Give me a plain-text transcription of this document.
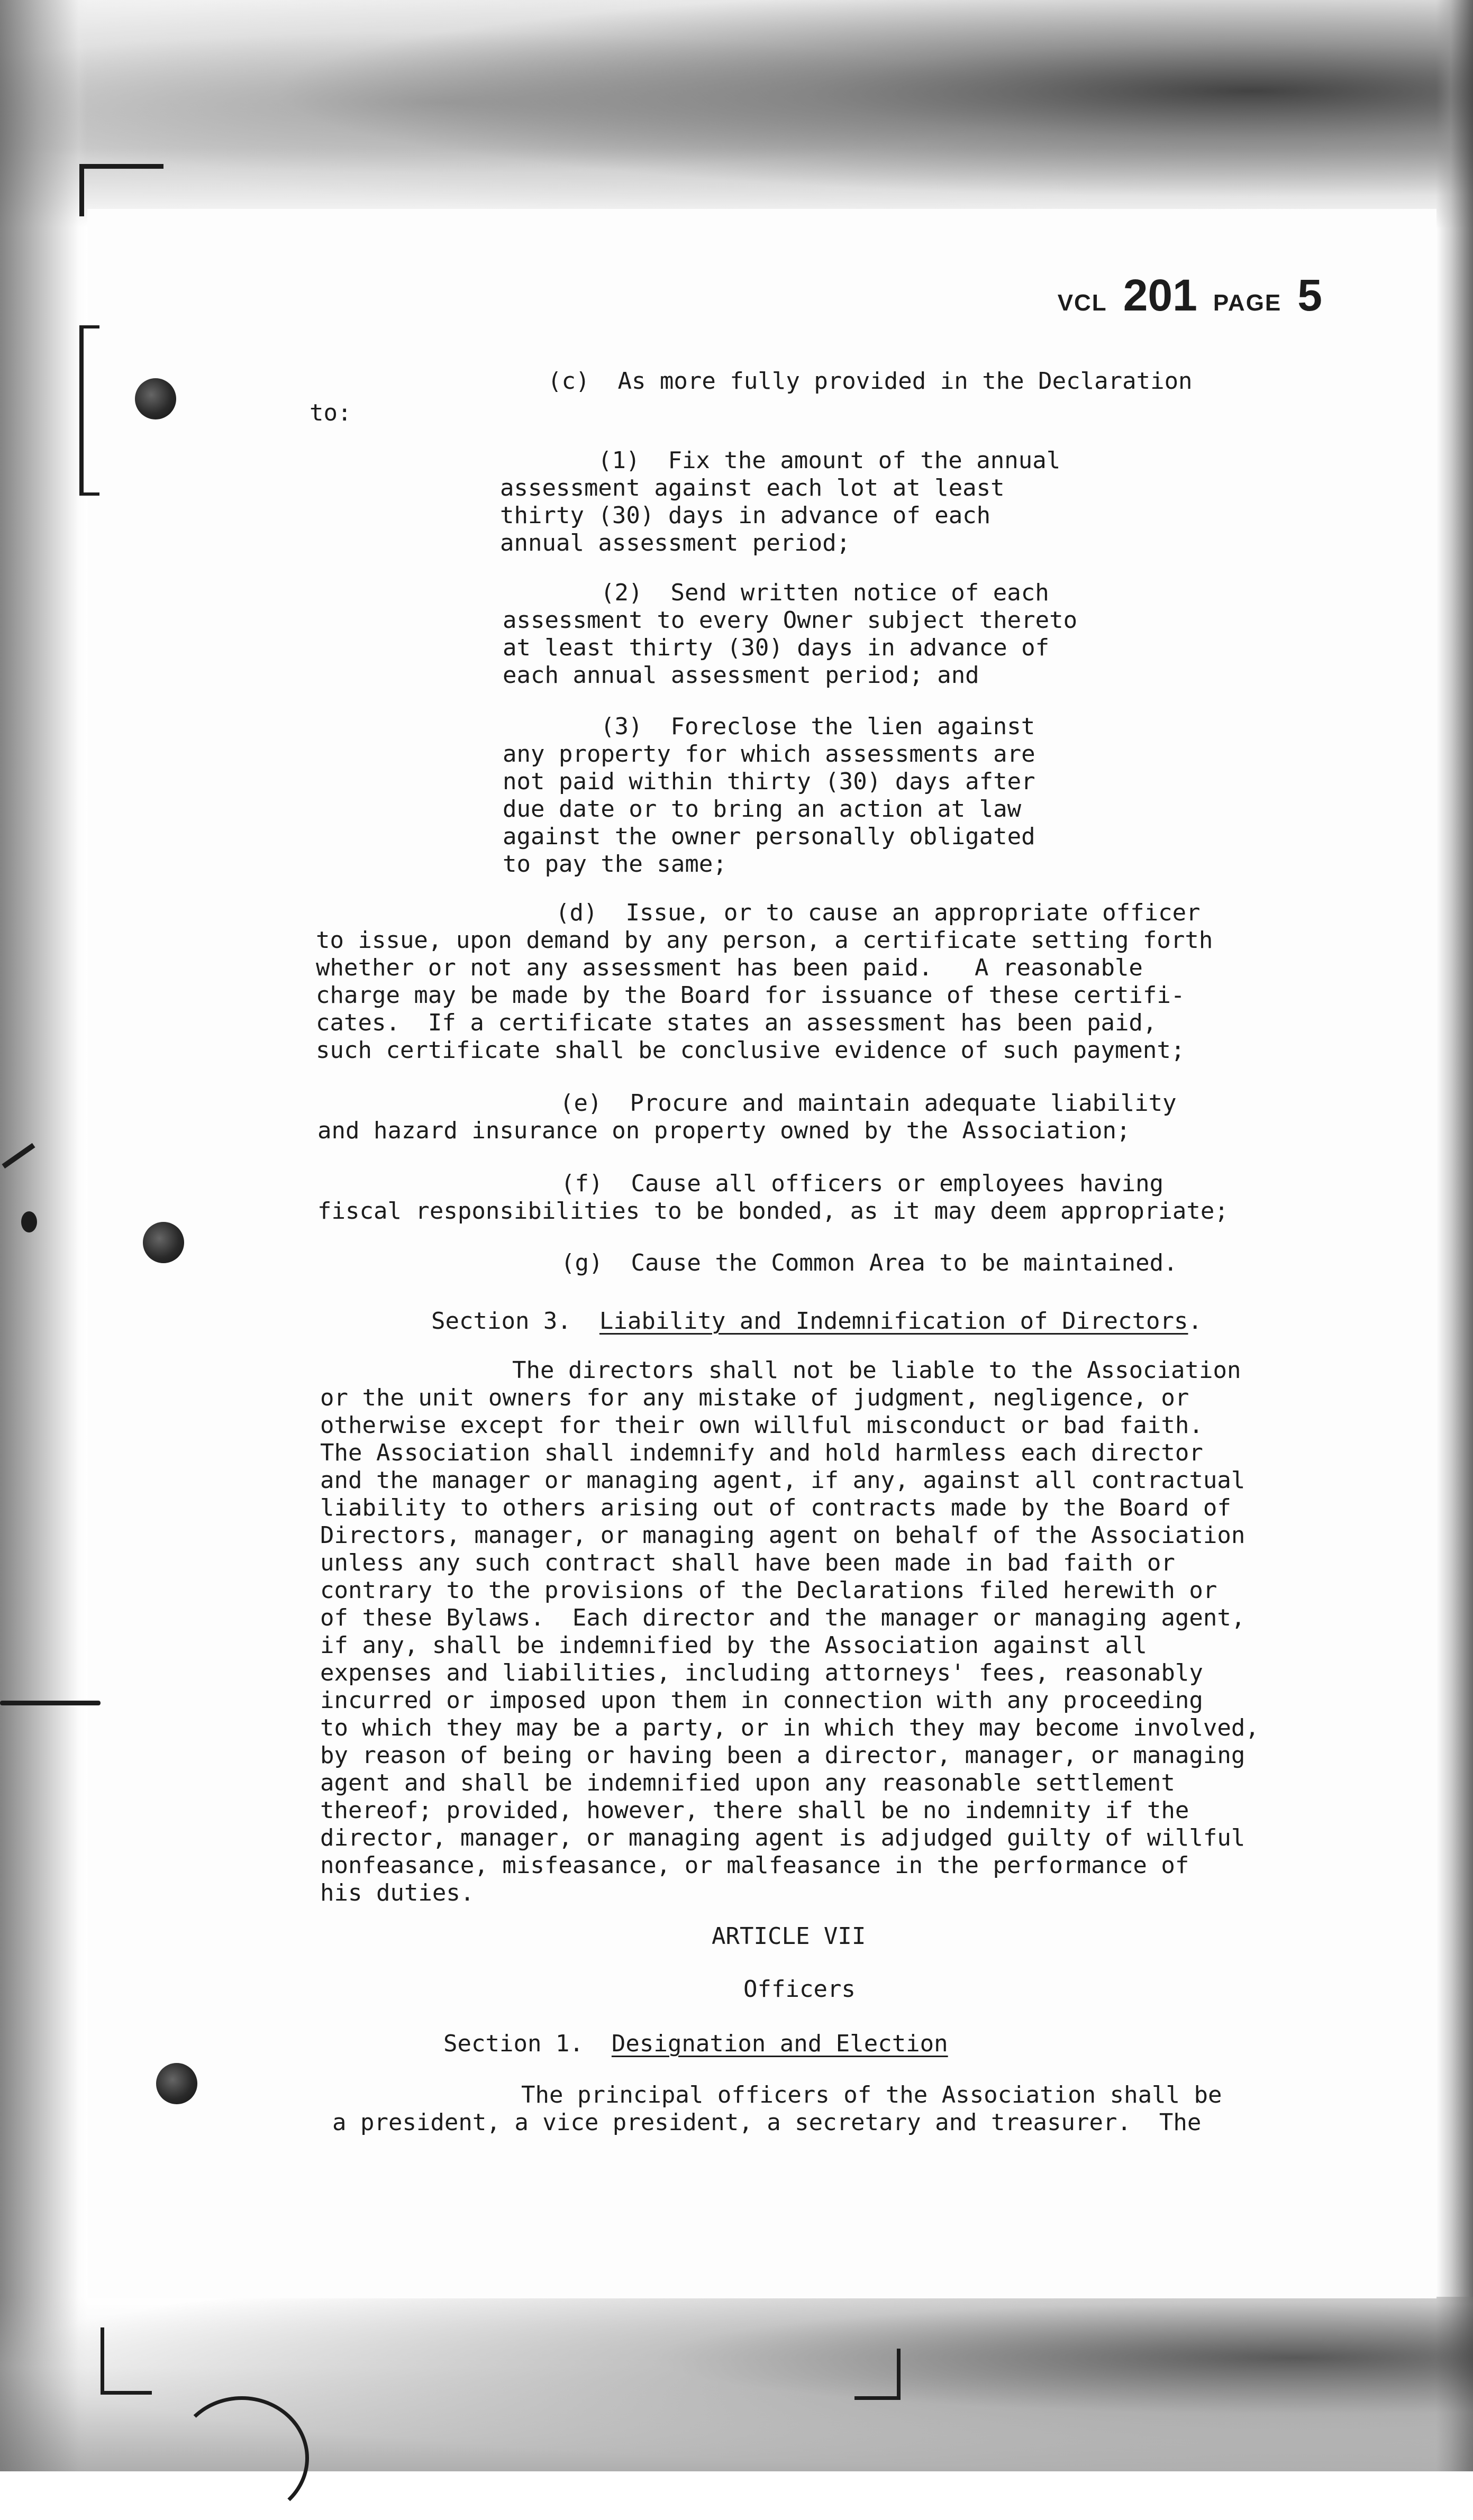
VCL 201 PAGE 5

(c)  As more fully provided in the Declaration

to:

(1)  Fix the amount of the annual

assessment against each lot at least

thirty (30) days in advance of each

annual assessment period;

(2)  Send written notice of each

assessment to every Owner subject thereto

at least thirty (30) days in advance of

each annual assessment period; and

(3)  Foreclose the lien against

any property for which assessments are

not paid within thirty (30) days after

due date or to bring an action at law

against the owner personally obligated

to pay the same;

(d)  Issue, or to cause an appropriate officer

to issue, upon demand by any person, a certificate setting forth

whether or not any assessment has been paid.   A reasonable

charge may be made by the Board for issuance of these certifi-

cates.  If a certificate states an assessment has been paid,

such certificate shall be conclusive evidence of such payment;

(e)  Procure and maintain adequate liability

and hazard insurance on property owned by the Association;

(f)  Cause all officers or employees having

fiscal responsibilities to be bonded, as it may deem appropriate;

(g)  Cause the Common Area to be maintained.

Section 3. Liability and Indemnification of Directors.

The directors shall not be liable to the Association

or the unit owners for any mistake of judgment, negligence, or

otherwise except for their own willful misconduct or bad faith.

The Association shall indemnify and hold harmless each director

and the manager or managing agent, if any, against all contractual

liability to others arising out of contracts made by the Board of

Directors, manager, or managing agent on behalf of the Association

unless any such contract shall have been made in bad faith or

contrary to the provisions of the Declarations filed herewith or

of these Bylaws.  Each director and the manager or managing agent,

if any, shall be indemnified by the Association against all

expenses and liabilities, including attorneys' fees, reasonably

incurred or imposed upon them in connection with any proceeding

to which they may be a party, or in which they may become involved,

by reason of being or having been a director, manager, or managing

agent and shall be indemnified upon any reasonable settlement

thereof; provided, however, there shall be no indemnity if the

director, manager, or managing agent is adjudged guilty of willful

nonfeasance, misfeasance, or malfeasance in the performance of

his duties.

ARTICLE VII

Officers

Section 1. Designation and Election

The principal officers of the Association shall be

a president, a vice president, a secretary and treasurer.  The
